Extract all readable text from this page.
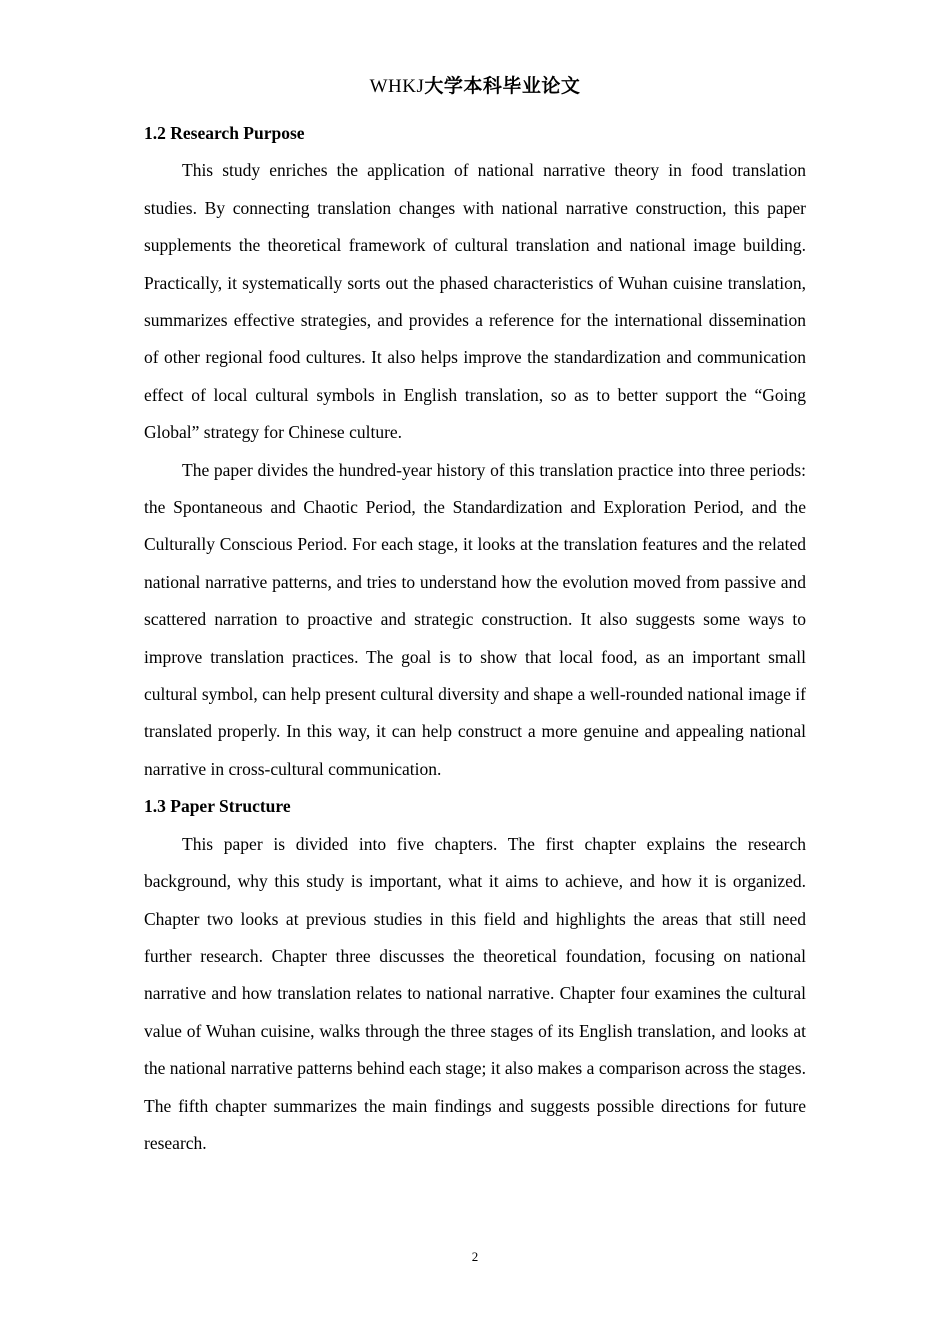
WHKJ大学本科毕业论文
1.2 Research Purpose

This study enriches the application of national narrative theory in food translation studies. By connecting translation changes with national narrative construction, this paper supplements the theoretical framework of cultural translation and national image building. Practically, it systematically sorts out the phased characteristics of Wuhan cuisine translation, summarizes effective strategies, and provides a reference for the international dissemination of other regional food cultures. It also helps improve the standardization and communication effect of local cultural symbols in English translation, so as to better support the “Going Global” strategy for Chinese culture.

The paper divides the hundred-year history of this translation practice into three periods: the Spontaneous and Chaotic Period, the Standardization and Exploration Period, and the Culturally Conscious Period. For each stage, it looks at the translation features and the related national narrative patterns, and tries to understand how the evolution moved from passive and scattered narration to proactive and strategic construction. It also suggests some ways to improve translation practices. The goal is to show that local food, as an important small cultural symbol, can help present cultural diversity and shape a well-rounded national image if translated properly. In this way, it can help construct a more genuine and appealing national narrative in cross-cultural communication.

1.3 Paper Structure

This paper is divided into five chapters. The first chapter explains the research background, why this study is important, what it aims to achieve, and how it is organized. Chapter two looks at previous studies in this field and highlights the areas that still need further research. Chapter three discusses the theoretical foundation, focusing on national narrative and how translation relates to national narrative. Chapter four examines the cultural value of Wuhan cuisine, walks through the three stages of its English translation, and looks at the national narrative patterns behind each stage; it also makes a comparison across the stages. The fifth chapter summarizes the main findings and suggests possible directions for future research.

2
